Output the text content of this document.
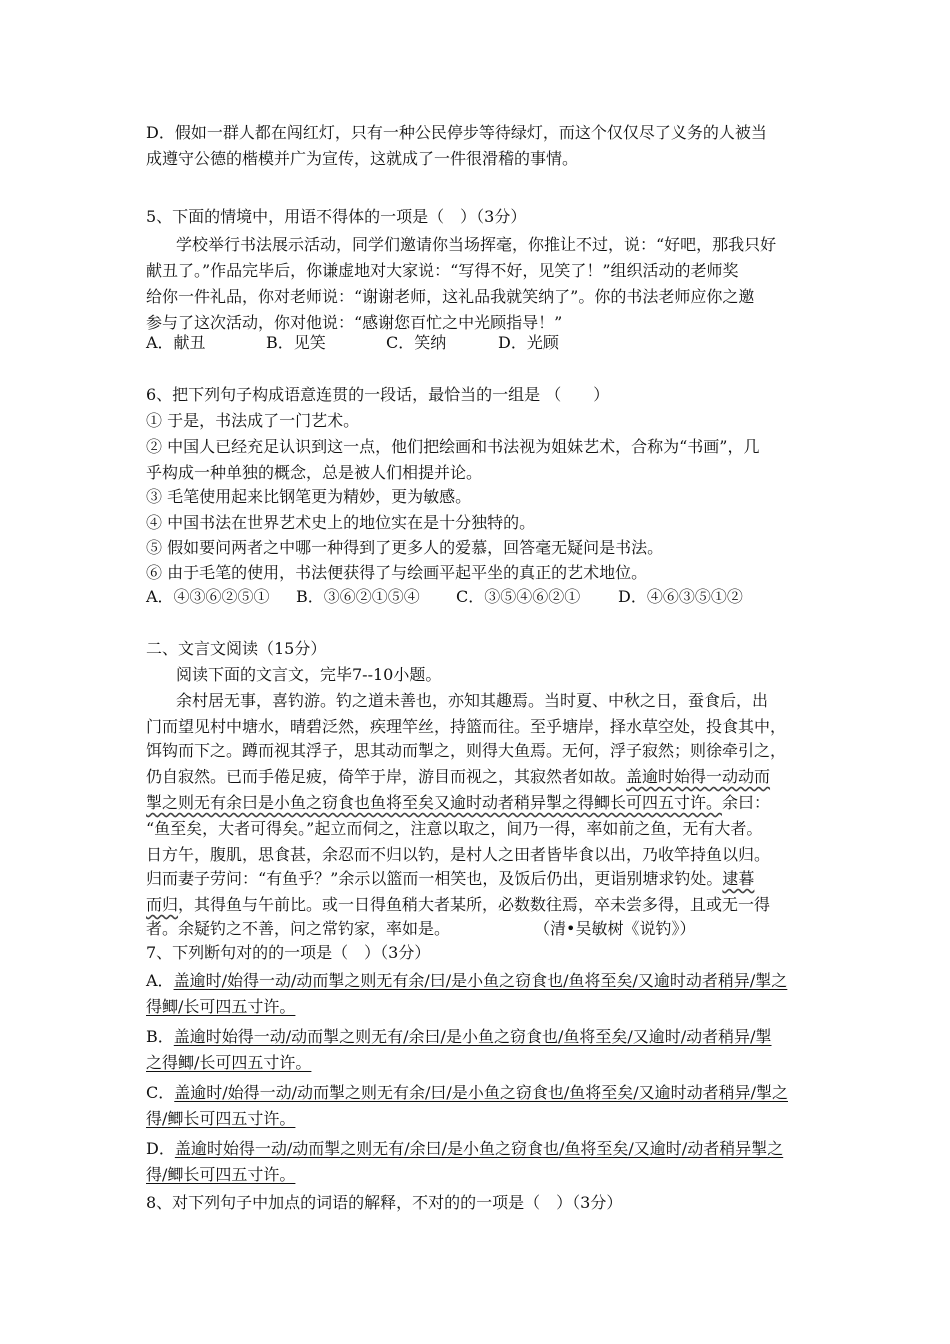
D．假如一群人都在闯红灯，只有一种公民停步等待绿灯，而这个仅仅尽了义务的人被当
成遵守公德的楷模并广为宣传，这就成了一件很滑稽的事情。
5、下面的情境中，用语不得体的一项是（　）（3分）
学校举行书法展示活动，同学们邀请你当场挥毫，你推让不过，说：“好吧，那我只好
献丑了。”作品完毕后，你谦虚地对大家说：“写得不好，见笑了！”组织活动的老师奖
给你一件礼品，你对老师说：“谢谢老师，这礼品我就笑纳了”。你的书法老师应你之邀
参与了这次活动，你对他说：“感谢您百忙之中光顾指导！”
A．献丑	B．见笑	C．笑纳	D．光顾
6、把下列句子构成语意连贯的一段话，最恰当的一组是 （　　）
① 于是，书法成了一门艺术。
② 中国人已经充足认识到这一点，他们把绘画和书法视为姐妹艺术，合称为“书画”，几
乎构成一种单独的概念，总是被人们相提并论。
③ 毛笔使用起来比钢笔更为精妙，更为敏感。
④ 中国书法在世界艺术史上的地位实在是十分独特的。
⑤ 假如要问两者之中哪一种得到了更多人的爱慕，回答毫无疑问是书法。
⑥ 由于毛笔的使用，书法便获得了与绘画平起平坐的真正的艺术地位。
A．④③⑥②⑤① B．③⑥②①⑤④ C．③⑤④⑥②① D．④⑥③⑤①②
二、文言文阅读（15分）
阅读下面的文言文，完毕7--10小题。
余村居无事，喜钓游。钓之道未善也，亦知其趣焉。当时夏、中秋之日，蚕食后，出
门而望见村中塘水，晴碧泛然，疾理竿丝，持篮而往。至乎塘岸，择水草空处，投食其中，
饵钩而下之。蹲而视其浮子，思其动而掣之，则得大鱼焉。无何，浮子寂然；则徐牵引之，
仍自寂然。已而手倦足疲，倚竿于岸，游目而视之，其寂然者如故。盖逾时始得一动动而
掣之则无有余曰是小鱼之窃食也鱼将至矣又逾时动者稍异掣之得鲫长可四五寸许。余曰：
“鱼至矣，大者可得矣。”起立而伺之，注意以取之，间乃一得，率如前之鱼，无有大者。
日方午，腹肌，思食甚，余忍而不归以钓，是村人之田者皆毕食以出，乃收竿持鱼以归。
归而妻子劳问：“有鱼乎？”余示以篮而一相笑也，及饭后仍出，更诣别塘求钓处。逮暮
而归，其得鱼与午前比。或一日得鱼稍大者某所，必数数往焉，卒未尝多得，且或无一得
者。余疑钓之不善，问之常钓家，率如是。	（清•吴敏树《说钓》）
7、下列断句对的的一项是（　）（3分）
A．盖逾时/始得一动/动而掣之则无有余/曰/是小鱼之窃食也/鱼将至矣/又逾时动者稍异/掣之
得鲫/长可四五寸许。
B．盖逾时始得一动/动而掣之则无有/余曰/是小鱼之窃食也/鱼将至矣/又逾时/动者稍异/掣
之得鲫/长可四五寸许。
C．盖逾时/始得一动/动而掣之则无有余/曰/是小鱼之窃食也/鱼将至矣/又逾时动者稍异/掣之
得/鲫长可四五寸许。
D．盖逾时始得一动/动而掣之则无有/余曰/是小鱼之窃食也/鱼将至矣/又逾时/动者稍异掣之
得/鲫长可四五寸许。
8、对下列句子中加点的词语的解释，不对的的一项是（　）（3分）
